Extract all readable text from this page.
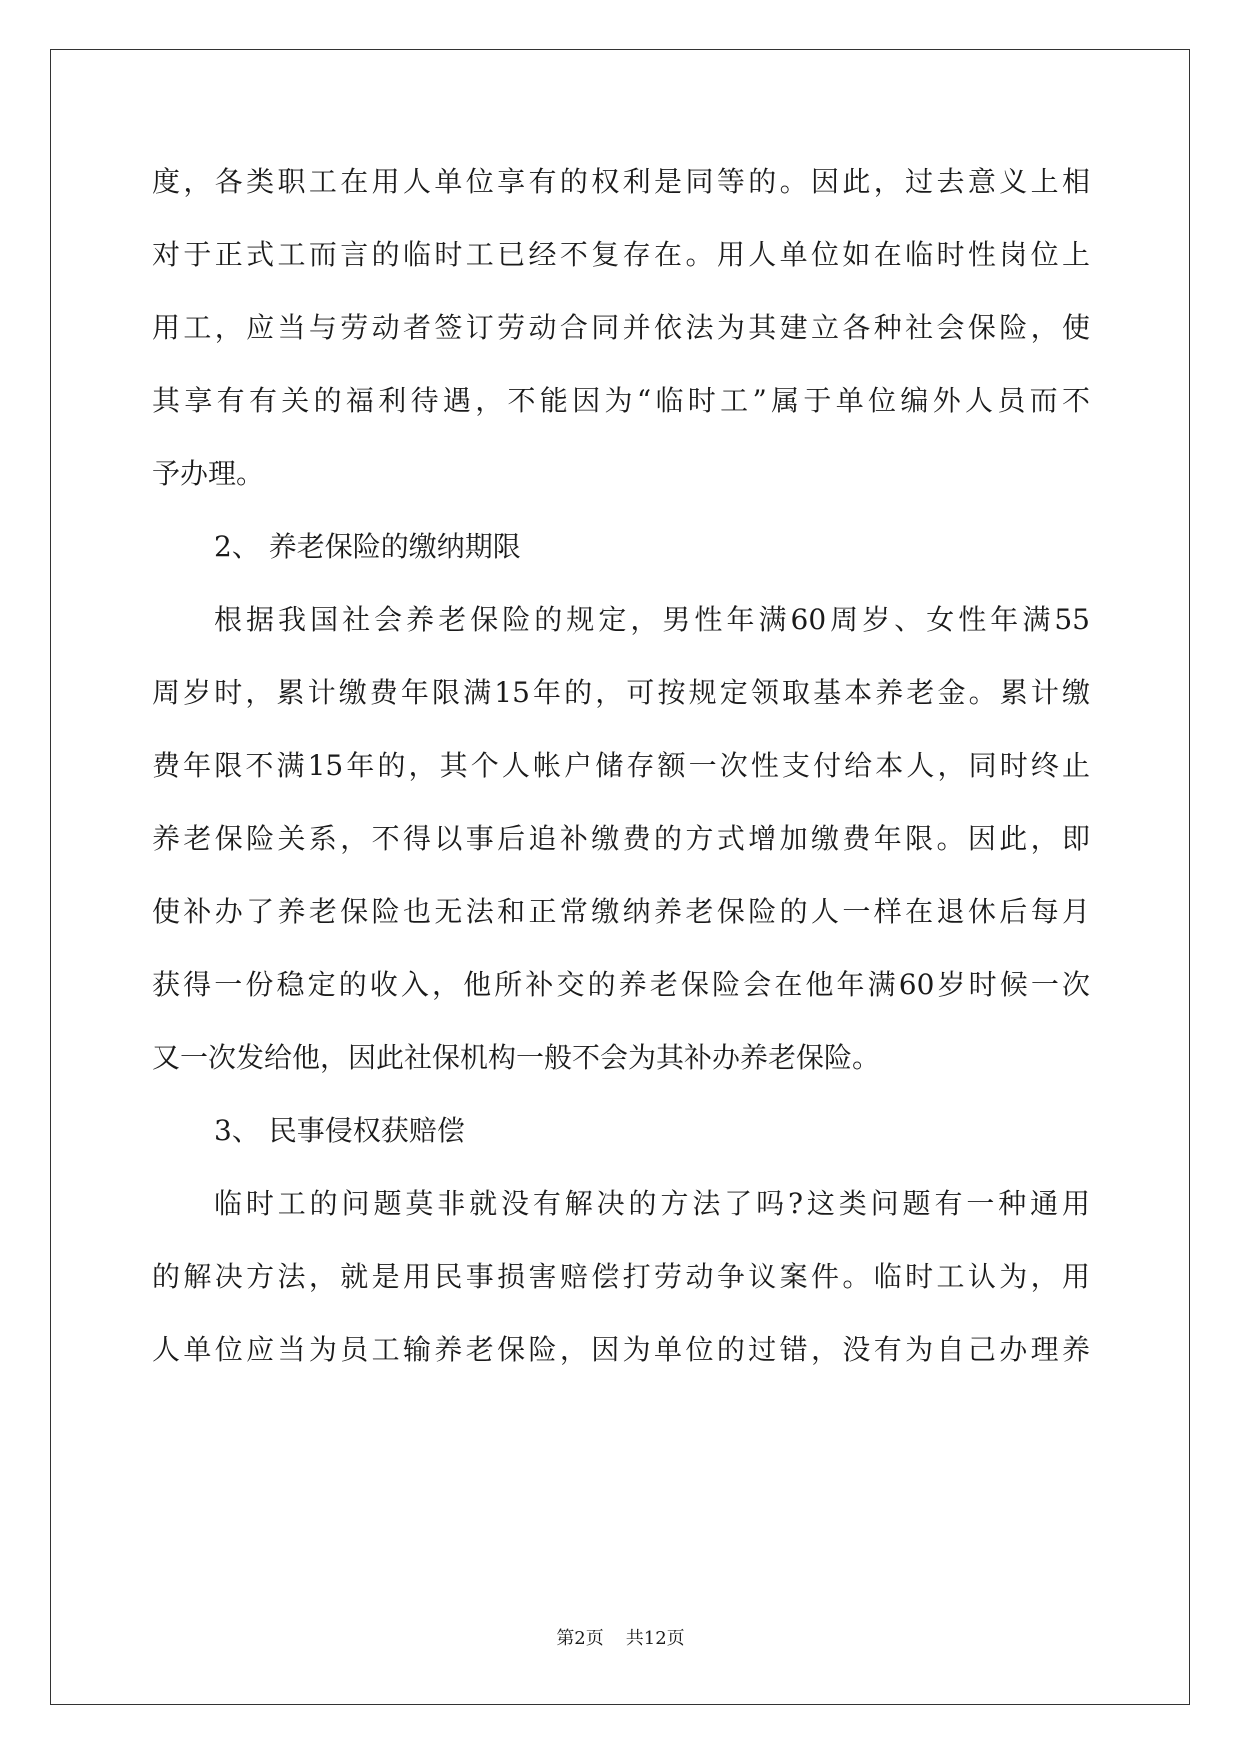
度，各类职工在用人单位享有的权利是同等的。因此，过去意义上相
对于正式工而言的临时工已经不复存在。用人单位如在临时性岗位上
用工，应当与劳动者签订劳动合同并依法为其建立各种社会保险，使
其享有有关的福利待遇，不能因为“临时工”属于单位编外人员而不
予办理。
2、 养老保险的缴纳期限
根据我国社会养老保险的规定，男性年满60周岁、女性年满55
周岁时，累计缴费年限满15年的，可按规定领取基本养老金。累计缴
费年限不满15年的，其个人帐户储存额一次性支付给本人，同时终止
养老保险关系，不得以事后追补缴费的方式增加缴费年限。因此，即
使补办了养老保险也无法和正常缴纳养老保险的人一样在退休后每月
获得一份稳定的收入，他所补交的养老保险会在他年满60岁时候一次
又一次发给他，因此社保机构一般不会为其补办养老保险。
3、 民事侵权获赔偿
临时工的问题莫非就没有解决的方法了吗?这类问题有一种通用
的解决方法，就是用民事损害赔偿打劳动争议案件。临时工认为，用
人单位应当为员工输养老保险，因为单位的过错，没有为自己办理养
第2页 共12页
